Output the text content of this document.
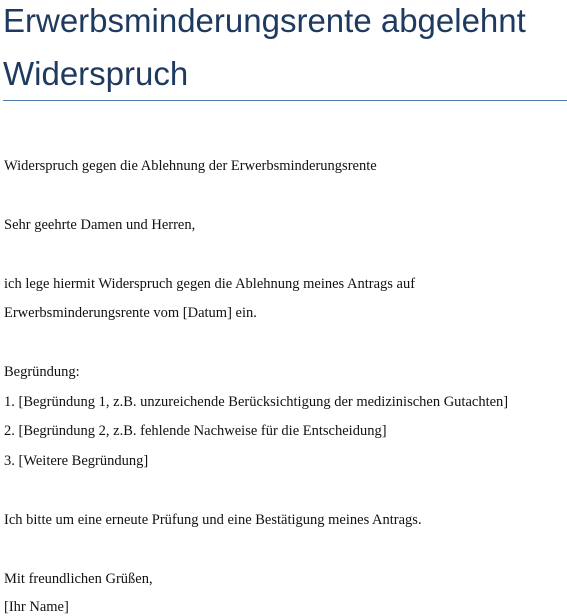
Erwerbsminderungsrente abgelehnt
Widerspruch
Widerspruch gegen die Ablehnung der Erwerbsminderungsrente
Sehr geehrte Damen und Herren,
ich lege hiermit Widerspruch gegen die Ablehnung meines Antrags auf
Erwerbsminderungsrente vom [Datum] ein.
Begründung:
1. [Begründung 1, z.B. unzureichende Berücksichtigung der medizinischen Gutachten]
2. [Begründung 2, z.B. fehlende Nachweise für die Entscheidung]
3. [Weitere Begründung]
Ich bitte um eine erneute Prüfung und eine Bestätigung meines Antrags.
Mit freundlichen Grüßen,
[Ihr Name]
